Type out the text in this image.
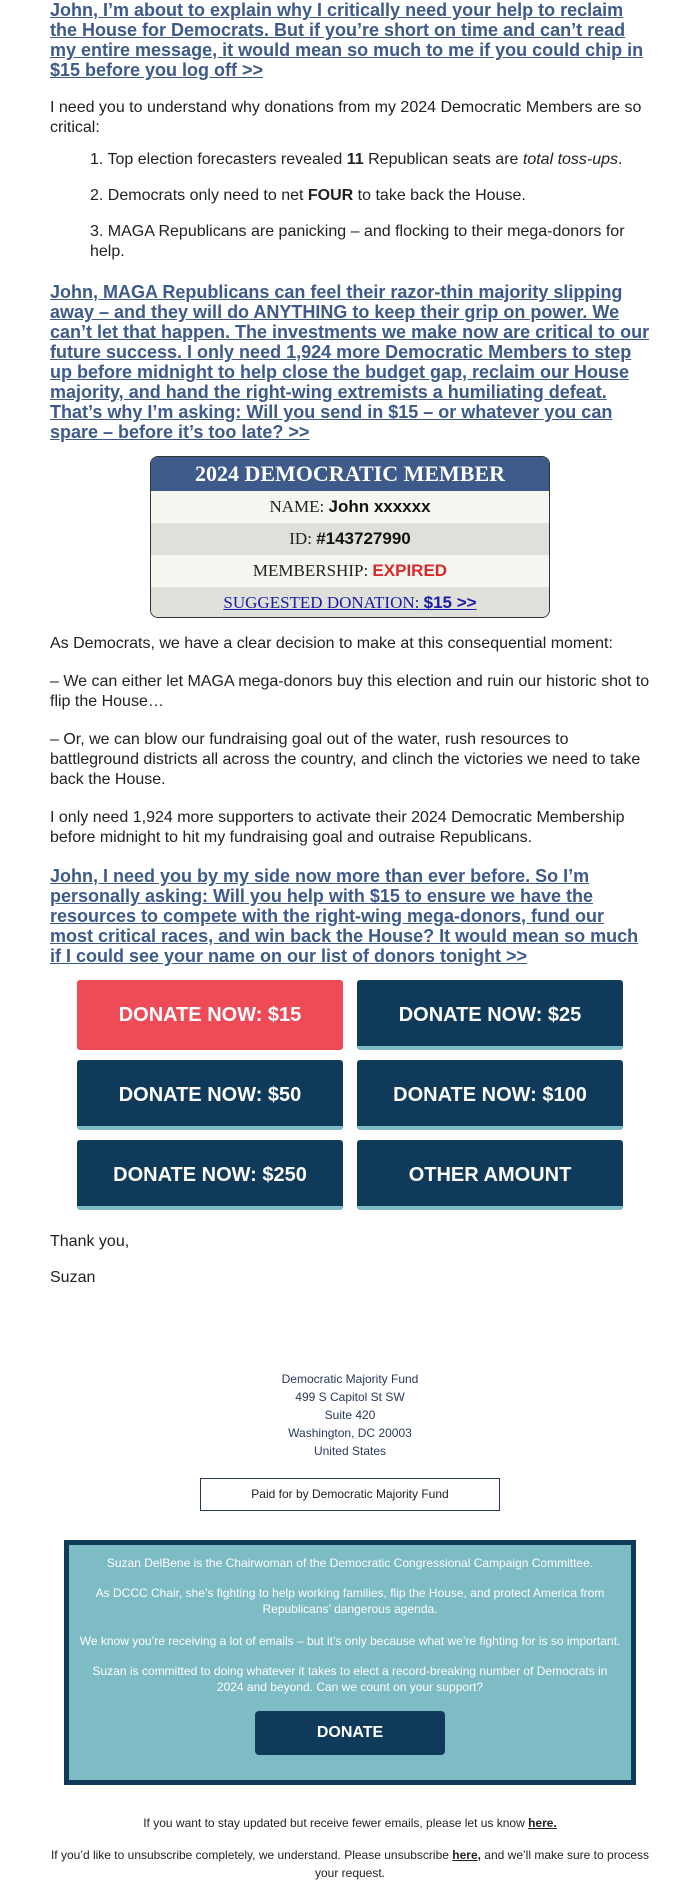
John, I’m about to explain why I critically need your help to reclaim the House for Democrats. But if you’re short on time and can’t read my entire message, it would mean so much to me if you could chip in $15 before you log off >>

I need you to understand why donations from my 2024 Democratic Members are so critical:

1. Top election forecasters revealed 11 Republican seats are total toss-ups.
2. Democrats only need to net FOUR to take back the House.
3. MAGA Republicans are panicking – and flocking to their mega-donors for help.
John, MAGA Republicans can feel their razor-thin majority slipping away – and they will do ANYTHING to keep their grip on power. We can’t let that happen. The investments we make now are critical to our future success. I only need 1,924 more Democratic Members to step up before midnight to help close the budget gap, reclaim our House majority, and hand the right-wing extremists a humiliating defeat. That’s why I’m asking: Will you send in $15 – or whatever you can spare – before it’s too late? >>
2024 DEMOCRATIC MEMBER
NAME: John xxxxxx
ID: #143727990
MEMBERSHIP: EXPIRED
SUGGESTED DONATION: $15 >>

As Democrats, we have a clear decision to make at this consequential moment:

– We can either let MAGA mega-donors buy this election and ruin our historic shot to flip the House…

– Or, we can blow our fundraising goal out of the water, rush resources to battleground districts all across the country, and clinch the victories we need to take back the House.

I only need 1,924 more supporters to activate their 2024 Democratic Membership before midnight to hit my fundraising goal and outraise Republicans.

John, I need you by my side now more than ever before. So I’m personally asking: Will you help with $15 to ensure we have the resources to compete with the right-wing mega-donors, fund our most critical races, and win back the House? It would mean so much if I could see your name on our list of donors tonight >>
DONATE NOW: $15	DONATE NOW: $25
DONATE NOW: $50	DONATE NOW: $100
DONATE NOW: $250	OTHER AMOUNT

Thank you,

Suzan

Democratic Majority Fund
499 S Capitol St SW
Suite 420
Washington, DC 20003
United States
Paid for by Democratic Majority Fund

Suzan DelBene is the Chairwoman of the Democratic Congressional Campaign Committee.

As DCCC Chair, she’s fighting to help working families, flip the House, and protect America from Republicans’ dangerous agenda.

We know you’re receiving a lot of emails – but it’s only because what we’re fighting for is so important.

Suzan is committed to doing whatever it takes to elect a record-breaking number of Democrats in 2024 and beyond. Can we count on your support?

DONATE

If you want to stay updated but receive fewer emails, please let us know here.

If you’d like to unsubscribe completely, we understand. Please unsubscribe here, and we’ll make sure to process your request.
